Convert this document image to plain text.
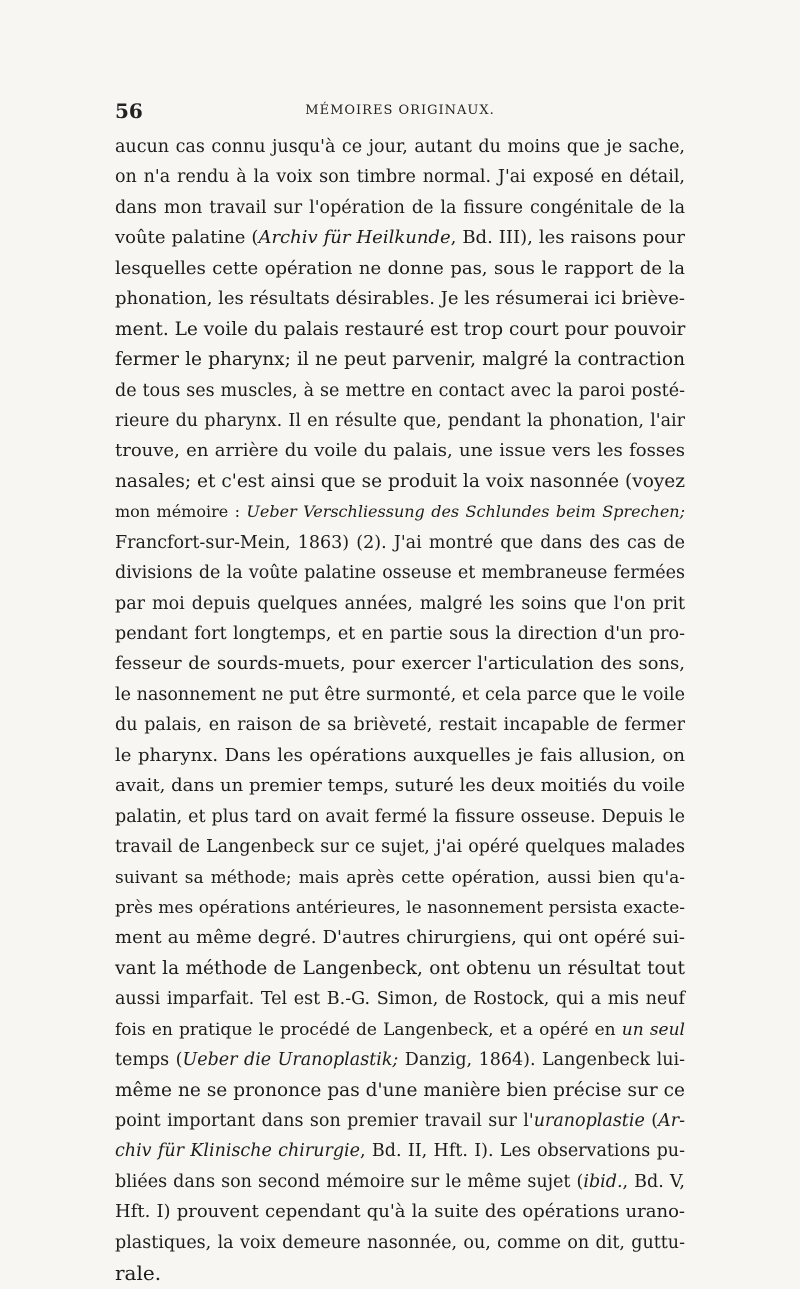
56	MÉMOIRES ORIGINAUX.
aucun cas connu jusqu'à ce jour, autant du moins que je sache,
on n'a rendu à la voix son timbre normal. J'ai exposé en détail,
dans mon travail sur l'opération de la fissure congénitale de la
voûte palatine (Archiv für Heilkunde, Bd. III), les raisons pour
lesquelles cette opération ne donne pas, sous le rapport de la
phonation, les résultats désirables. Je les résumerai ici briève-
ment. Le voile du palais restauré est trop court pour pouvoir
fermer le pharynx; il ne peut parvenir, malgré la contraction
de tous ses muscles, à se mettre en contact avec la paroi posté-
rieure du pharynx. Il en résulte que, pendant la phonation, l'air
trouve, en arrière du voile du palais, une issue vers les fosses
nasales; et c'est ainsi que se produit la voix nasonnée (voyez
mon mémoire : Ueber Verschliessung des Schlundes beim Sprechen;
Francfort-sur-Mein, 1863) (2). J'ai montré que dans des cas de
divisions de la voûte palatine osseuse et membraneuse fermées
par moi depuis quelques années, malgré les soins que l'on prit
pendant fort longtemps, et en partie sous la direction d'un pro-
fesseur de sourds-muets, pour exercer l'articulation des sons,
le nasonnement ne put être surmonté, et cela parce que le voile
du palais, en raison de sa brièveté, restait incapable de fermer
le pharynx. Dans les opérations auxquelles je fais allusion, on
avait, dans un premier temps, suturé les deux moitiés du voile
palatin, et plus tard on avait fermé la fissure osseuse. Depuis le
travail de Langenbeck sur ce sujet, j'ai opéré quelques malades
suivant sa méthode; mais après cette opération, aussi bien qu'a-
près mes opérations antérieures, le nasonnement persista exacte-
ment au même degré. D'autres chirurgiens, qui ont opéré sui-
vant la méthode de Langenbeck, ont obtenu un résultat tout
aussi imparfait. Tel est B.-G. Simon, de Rostock, qui a mis neuf
fois en pratique le procédé de Langenbeck, et a opéré en un seul
temps (Ueber die Uranoplastik; Danzig, 1864). Langenbeck lui-
même ne se prononce pas d'une manière bien précise sur ce
point important dans son premier travail sur l'uranoplastie (Ar-
chiv für Klinische chirurgie, Bd. II, Hft. I). Les observations pu-
bliées dans son second mémoire sur le même sujet (ibid., Bd. V,
Hft. I) prouvent cependant qu'à la suite des opérations urano-
plastiques, la voix demeure nasonnée, ou, comme on dit, guttu-
rale.
